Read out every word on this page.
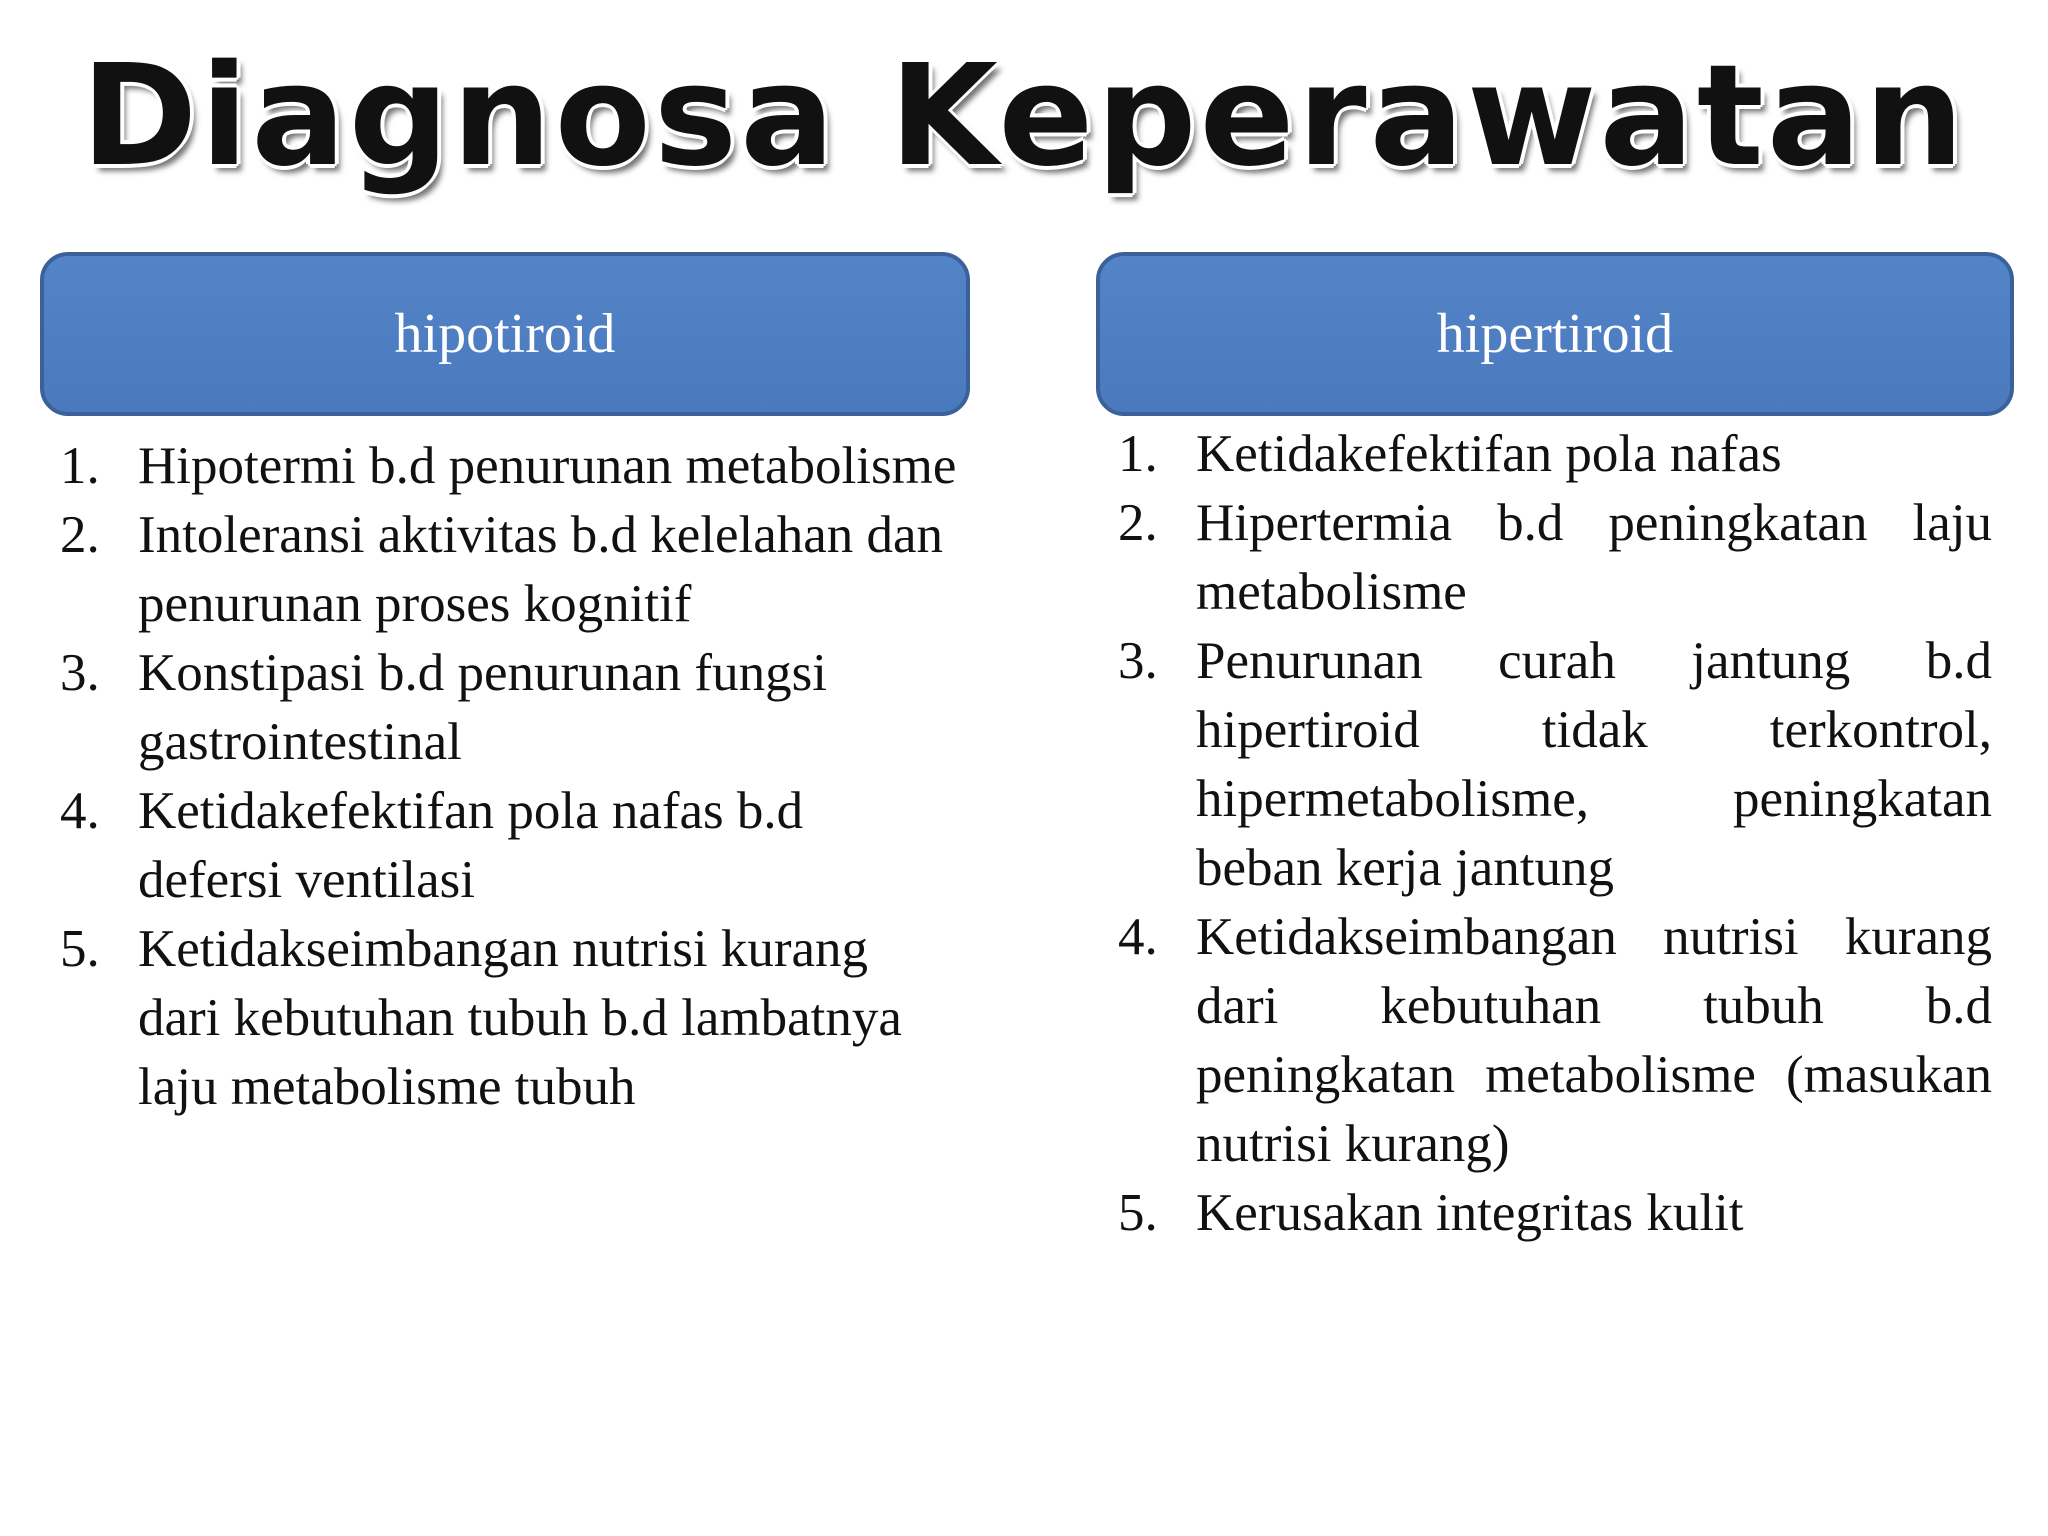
Diagnosa Keperawatan
hipotiroid	hipertiroid
1. Hipotermi b.d penurunan metabolisme
2. Intoleransi aktivitas b.d kelelahan dan penurunan proses kognitif
3. Konstipasi b.d penurunan fungsi gastrointestinal
4. Ketidakefektifan pola nafas b.d defersi ventilasi
5. Ketidakseimbangan nutrisi kurang dari kebutuhan tubuh b.d lambatnya laju metabolisme tubuh
1. Ketidakefektifan pola nafas
2. Hipertermia b.d peningkatan laju metabolisme
3. Penurunan curah jantung b.d hipertiroid tidak terkontrol, hipermetabolisme, peningkatan beban kerja jantung
4. Ketidakseimbangan nutrisi kurang dari kebutuhan tubuh b.d peningkatan metabolisme (masukan nutrisi kurang)
5. Kerusakan integritas kulit
